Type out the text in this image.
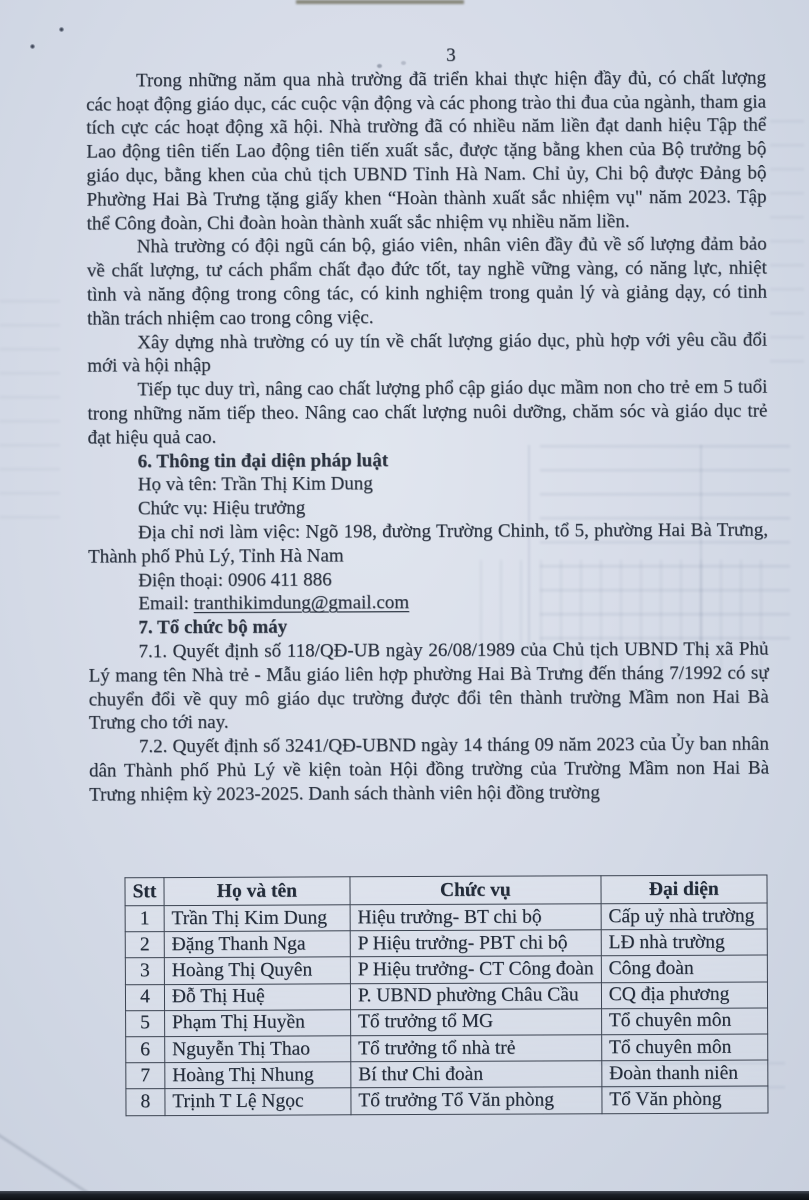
3

Trong những năm qua nhà trường đã triển khai thực hiện đầy đủ, có chất lượng các hoạt động giáo dục, các cuộc vận động và các phong trào thi đua của ngành, tham gia tích cực các hoạt động xã hội. Nhà trường đã có nhiều năm liền đạt danh hiệu Tập thể Lao động tiên tiến Lao động tiên tiến xuất sắc, được tặng bằng khen của Bộ trưởng bộ giáo dục, bằng khen của chủ tịch UBND Tỉnh Hà Nam. Chỉ ủy, Chi bộ được Đảng bộ Phường Hai Bà Trưng tặng giấy khen “Hoàn thành xuất sắc nhiệm vụ" năm 2023. Tập thể Công đoàn, Chi đoàn hoàn thành xuất sắc nhiệm vụ nhiều năm liền.

Nhà trường có đội ngũ cán bộ, giáo viên, nhân viên đầy đủ về số lượng đảm bảo về chất lượng, tư cách phẩm chất đạo đức tốt, tay nghề vững vàng, có năng lực, nhiệt tình và năng động trong công tác, có kinh nghiệm trong quản lý và giảng dạy, có tinh thần trách nhiệm cao trong công việc.

Xây dựng nhà trường có uy tín về chất lượng giáo dục, phù hợp với yêu cầu đổi mới và hội nhập

Tiếp tục duy trì, nâng cao chất lượng phổ cập giáo dục mầm non cho trẻ em 5 tuổi trong những năm tiếp theo. Nâng cao chất lượng nuôi dưỡng, chăm sóc và giáo dục trẻ đạt hiệu quả cao.

6. Thông tin đại diện pháp luật

Họ và tên: Trần Thị Kim Dung

Chức vụ: Hiệu trưởng

Địa chỉ nơi làm việc: Ngõ 198, đường Trường Chinh, tổ 5, phường Hai Bà Trưng, Thành phố Phủ Lý, Tỉnh Hà Nam

Điện thoại: 0906 411 886

Email: tranthikimdung@gmail.com

7. Tổ chức bộ máy

7.1. Quyết định số 118/QĐ-UB ngày 26/08/1989 của Chủ tịch UBND Thị xã Phủ Lý mang tên Nhà trẻ - Mẫu giáo liên hợp phường Hai Bà Trưng đến tháng 7/1992 có sự chuyển đổi về quy mô giáo dục trường được đổi tên thành trường Mầm non Hai Bà Trưng cho tới nay.

7.2. Quyết định số 3241/QĐ-UBND ngày 14 tháng 09 năm 2023 của Ủy ban nhân dân Thành phố Phủ Lý về kiện toàn Hội đồng trường của Trường Mầm non Hai Bà Trưng nhiệm kỳ 2023-2025. Danh sách thành viên hội đồng trường

Stt	Họ và tên	Chức vụ	Đại diện
1	Trần Thị Kim Dung	Hiệu trưởng- BT chi bộ	Cấp uỷ nhà trường
2	Đặng Thanh Nga	P Hiệu trưởng- PBT chi bộ	LĐ nhà trường
3	Hoàng Thị Quyên	P Hiệu trưởng- CT Công đoàn	Công đoàn
4	Đỗ Thị Huệ	P. UBND phường Châu Cầu	CQ địa phương
5	Phạm Thị Huyền	Tổ trưởng tổ MG	Tổ chuyên môn
6	Nguyễn Thị Thao	Tổ trưởng tổ nhà trẻ	Tổ chuyên môn
7	Hoàng Thị Nhung	Bí thư Chi đoàn	Đoàn thanh niên
8	Trịnh T Lệ Ngọc	Tổ trưởng Tổ Văn phòng	Tổ Văn phòng
